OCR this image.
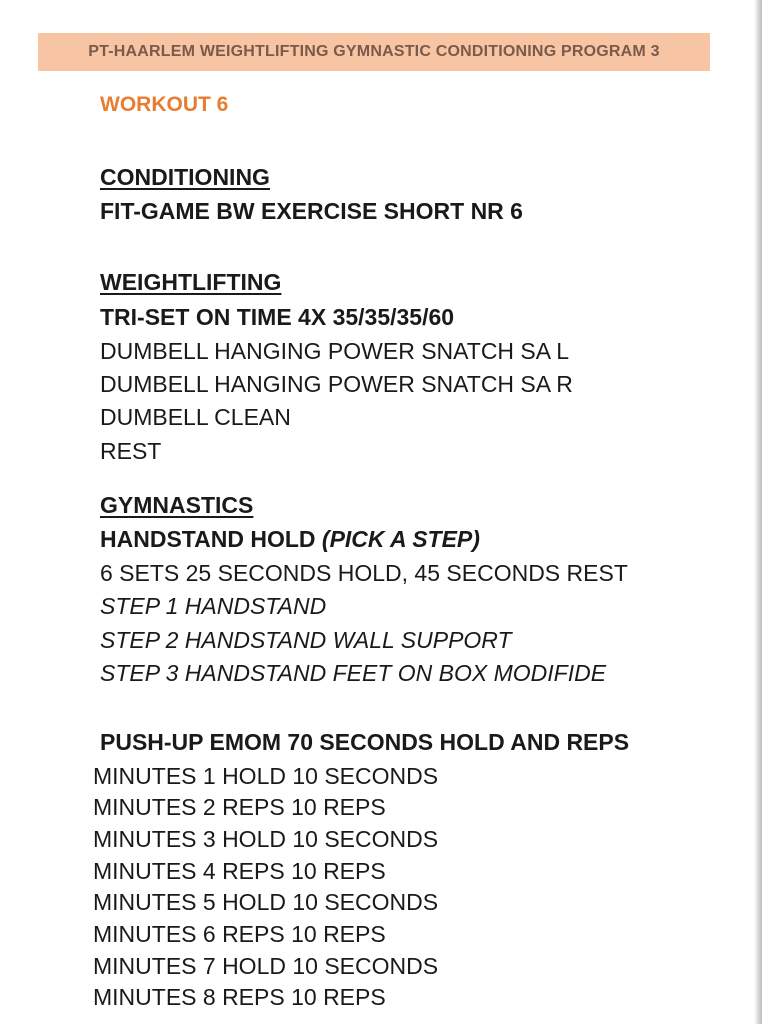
PT-HAARLEM WEIGHTLIFTING GYMNASTIC CONDITIONING PROGRAM 3
WORKOUT 6
CONDITIONING
FIT-GAME BW EXERCISE SHORT NR 6
WEIGHTLIFTING
TRI-SET ON TIME 4X 35/35/35/60
DUMBELL HANGING POWER SNATCH SA L
DUMBELL HANGING POWER SNATCH SA R
DUMBELL CLEAN
REST
GYMNASTICS
HANDSTAND HOLD (PICK A STEP)
6 SETS 25 SECONDS HOLD, 45 SECONDS REST
STEP 1 HANDSTAND
STEP 2 HANDSTAND WALL SUPPORT
STEP 3 HANDSTAND FEET ON BOX MODIFIDE
PUSH-UP EMOM 70 SECONDS HOLD AND REPS
MINUTES 1 HOLD 10 SECONDS
MINUTES 2 REPS 10 REPS
MINUTES 3 HOLD 10 SECONDS
MINUTES 4 REPS 10 REPS
MINUTES 5 HOLD 10 SECONDS
MINUTES 6 REPS 10 REPS
MINUTES 7 HOLD 10 SECONDS
MINUTES 8 REPS 10 REPS
